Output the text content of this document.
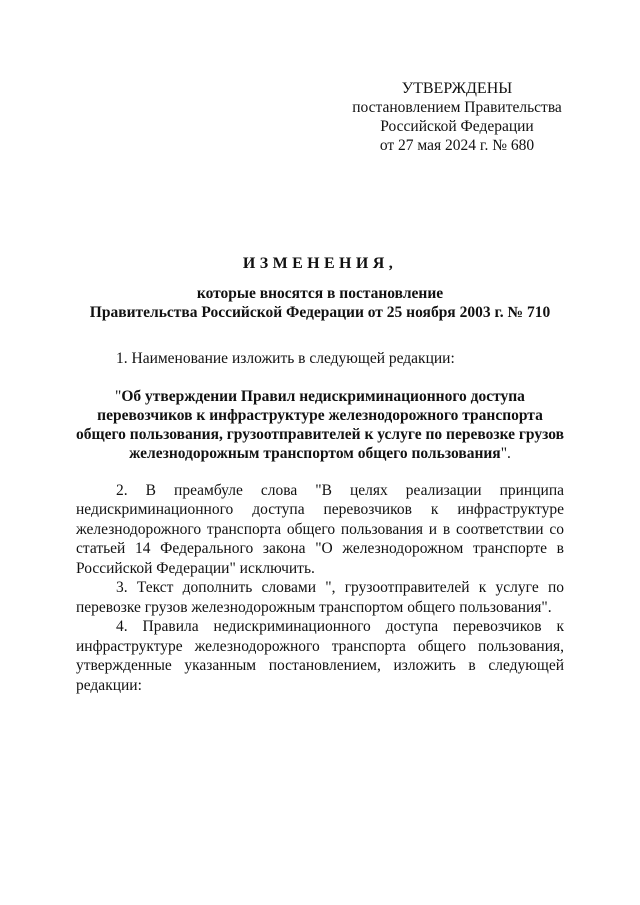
УТВЕРЖДЕНЫ
постановлением Правительства
Российской Федерации
от 27 мая 2024 г. № 680
ИЗМЕНЕНИЯ,
которые вносятся в постановление
Правительства Российской Федерации от 25 ноября 2003 г. № 710

1. Наименование изложить в следующей редакции:

"Об утверждении Правил недискриминационного доступа перевозчиков к инфраструктуре железнодорожного транспорта общего пользования, грузоотправителей к услуге по перевозке грузов железнодорожным транспортом общего пользования".

2. В преамбуле слова "В целях реализации принципа недискриминационного доступа перевозчиков к инфраструктуре железнодорожного транспорта общего пользования и в соответствии со статьей 14 Федерального закона "О железнодорожном транспорте в Российской Федерации" исключить.

3. Текст дополнить словами ", грузоотправителей к услуге по перевозке грузов железнодорожным транспортом общего пользования".

4. Правила недискриминационного доступа перевозчиков к инфраструктуре железнодорожного транспорта общего пользования, утвержденные указанным постановлением, изложить в следующей редакции:
